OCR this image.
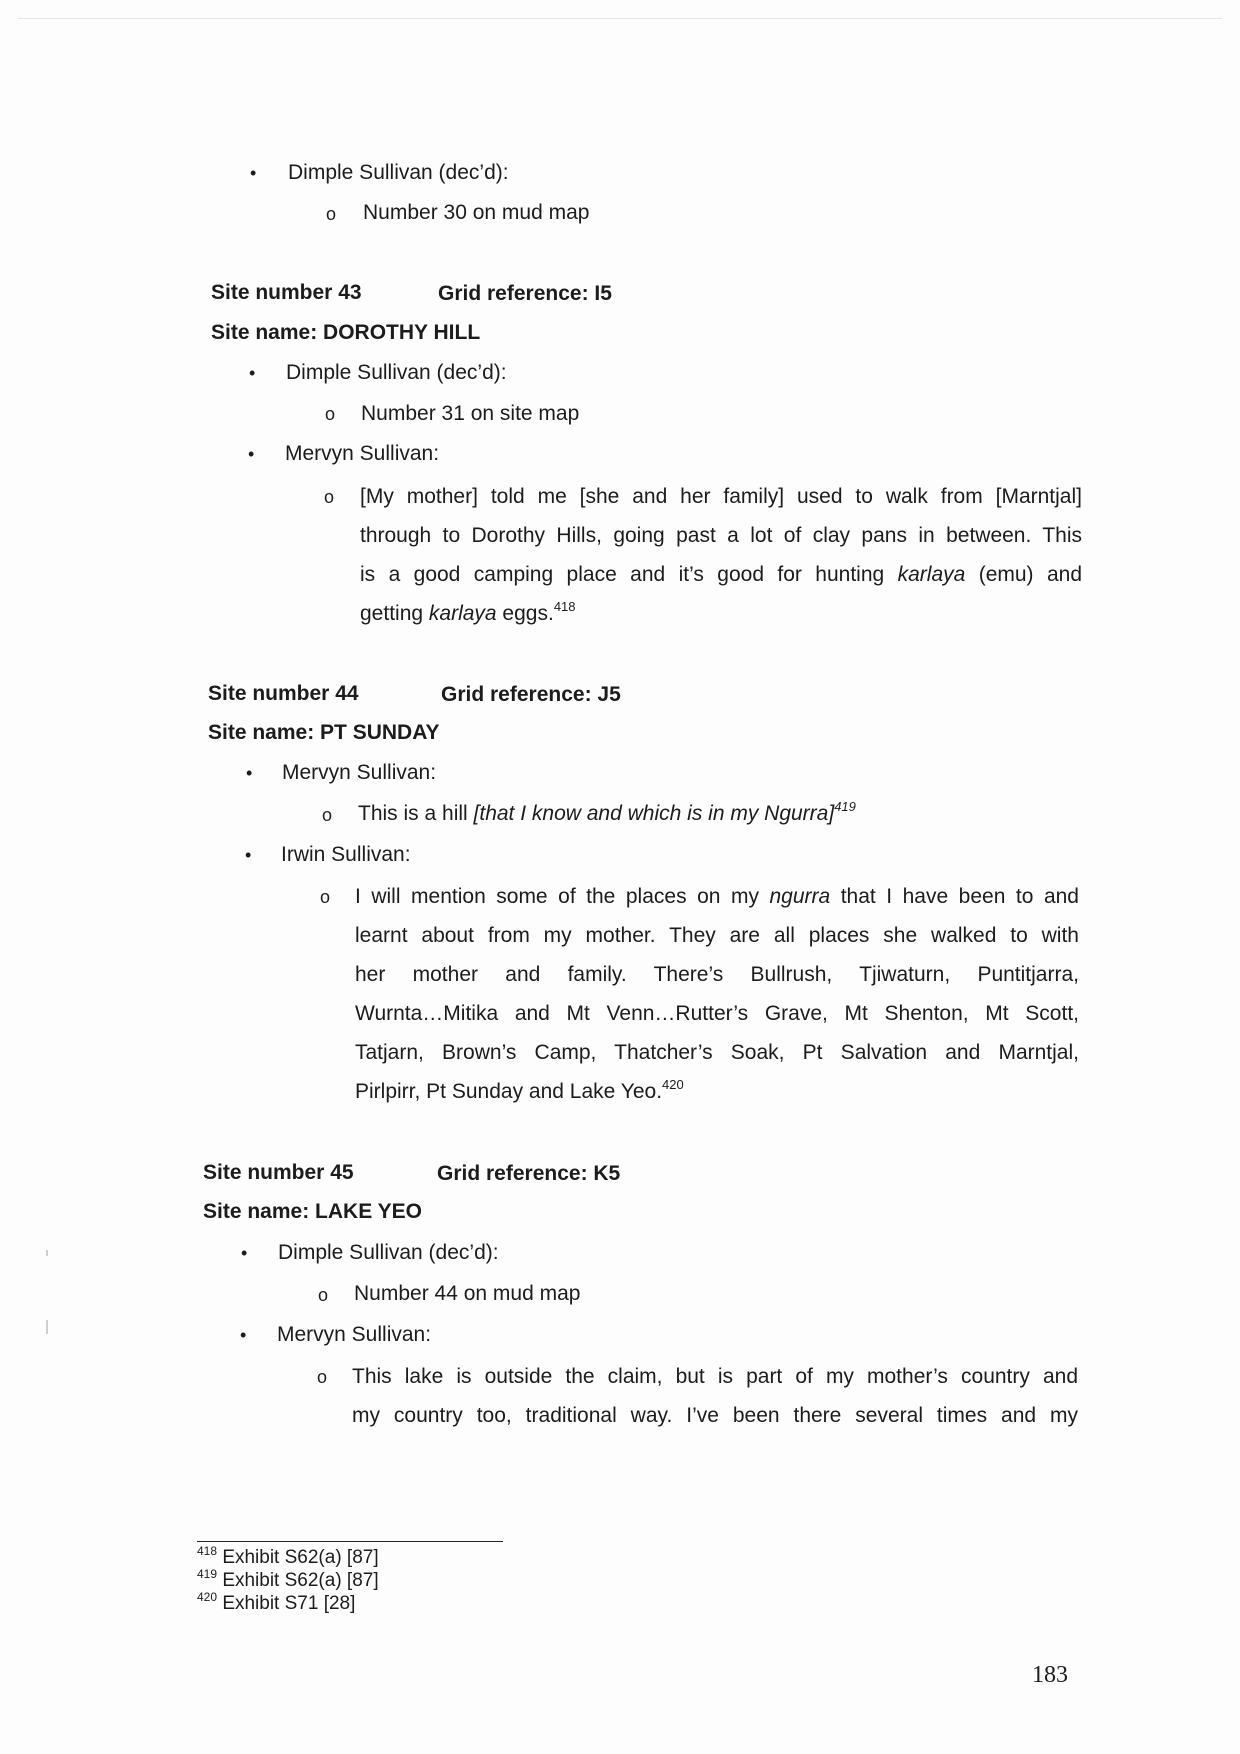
• Dimple Sullivan (dec’d):
o Number 30 on mud map
Site number 43	Grid reference: I5
Site name: DOROTHY HILL
• Dimple Sullivan (dec’d):
o Number 31 on site map
• Mervyn Sullivan:
o [My mother] told me [she and her family] used to walk from [Marntjal]
through to Dorothy Hills, going past a lot of clay pans in between. This
is a good camping place and it’s good for hunting karlaya (emu) and
getting karlaya eggs.$^{418}$
Site number 44	Grid reference: J5
Site name: PT SUNDAY
• Mervyn Sullivan:
o This is a hill [that I know and which is in my Ngurra]$^{419}$
• Irwin Sullivan:
o I will mention some of the places on my ngurra that I have been to and
learnt about from my mother. They are all places she walked to with
her mother and family. There’s Bullrush, Tjiwaturn, Puntitjarra,
Wurnta…Mitika and Mt Venn…Rutter’s Grave, Mt Shenton, Mt Scott,
Tatjarn, Brown’s Camp, Thatcher’s Soak, Pt Salvation and Marntjal,
Pirlpirr, Pt Sunday and Lake Yeo.$^{420}$
Site number 45	Grid reference: K5
Site name: LAKE YEO
• Dimple Sullivan (dec’d):
o Number 44 on mud map
• Mervyn Sullivan:
o This lake is outside the claim, but is part of my mother’s country and
my country too, traditional way. I’ve been there several times and my
$^{418}$ Exhibit S62(a) [87]
$^{419}$ Exhibit S62(a) [87]
$^{420}$ Exhibit S71 [28]
183
